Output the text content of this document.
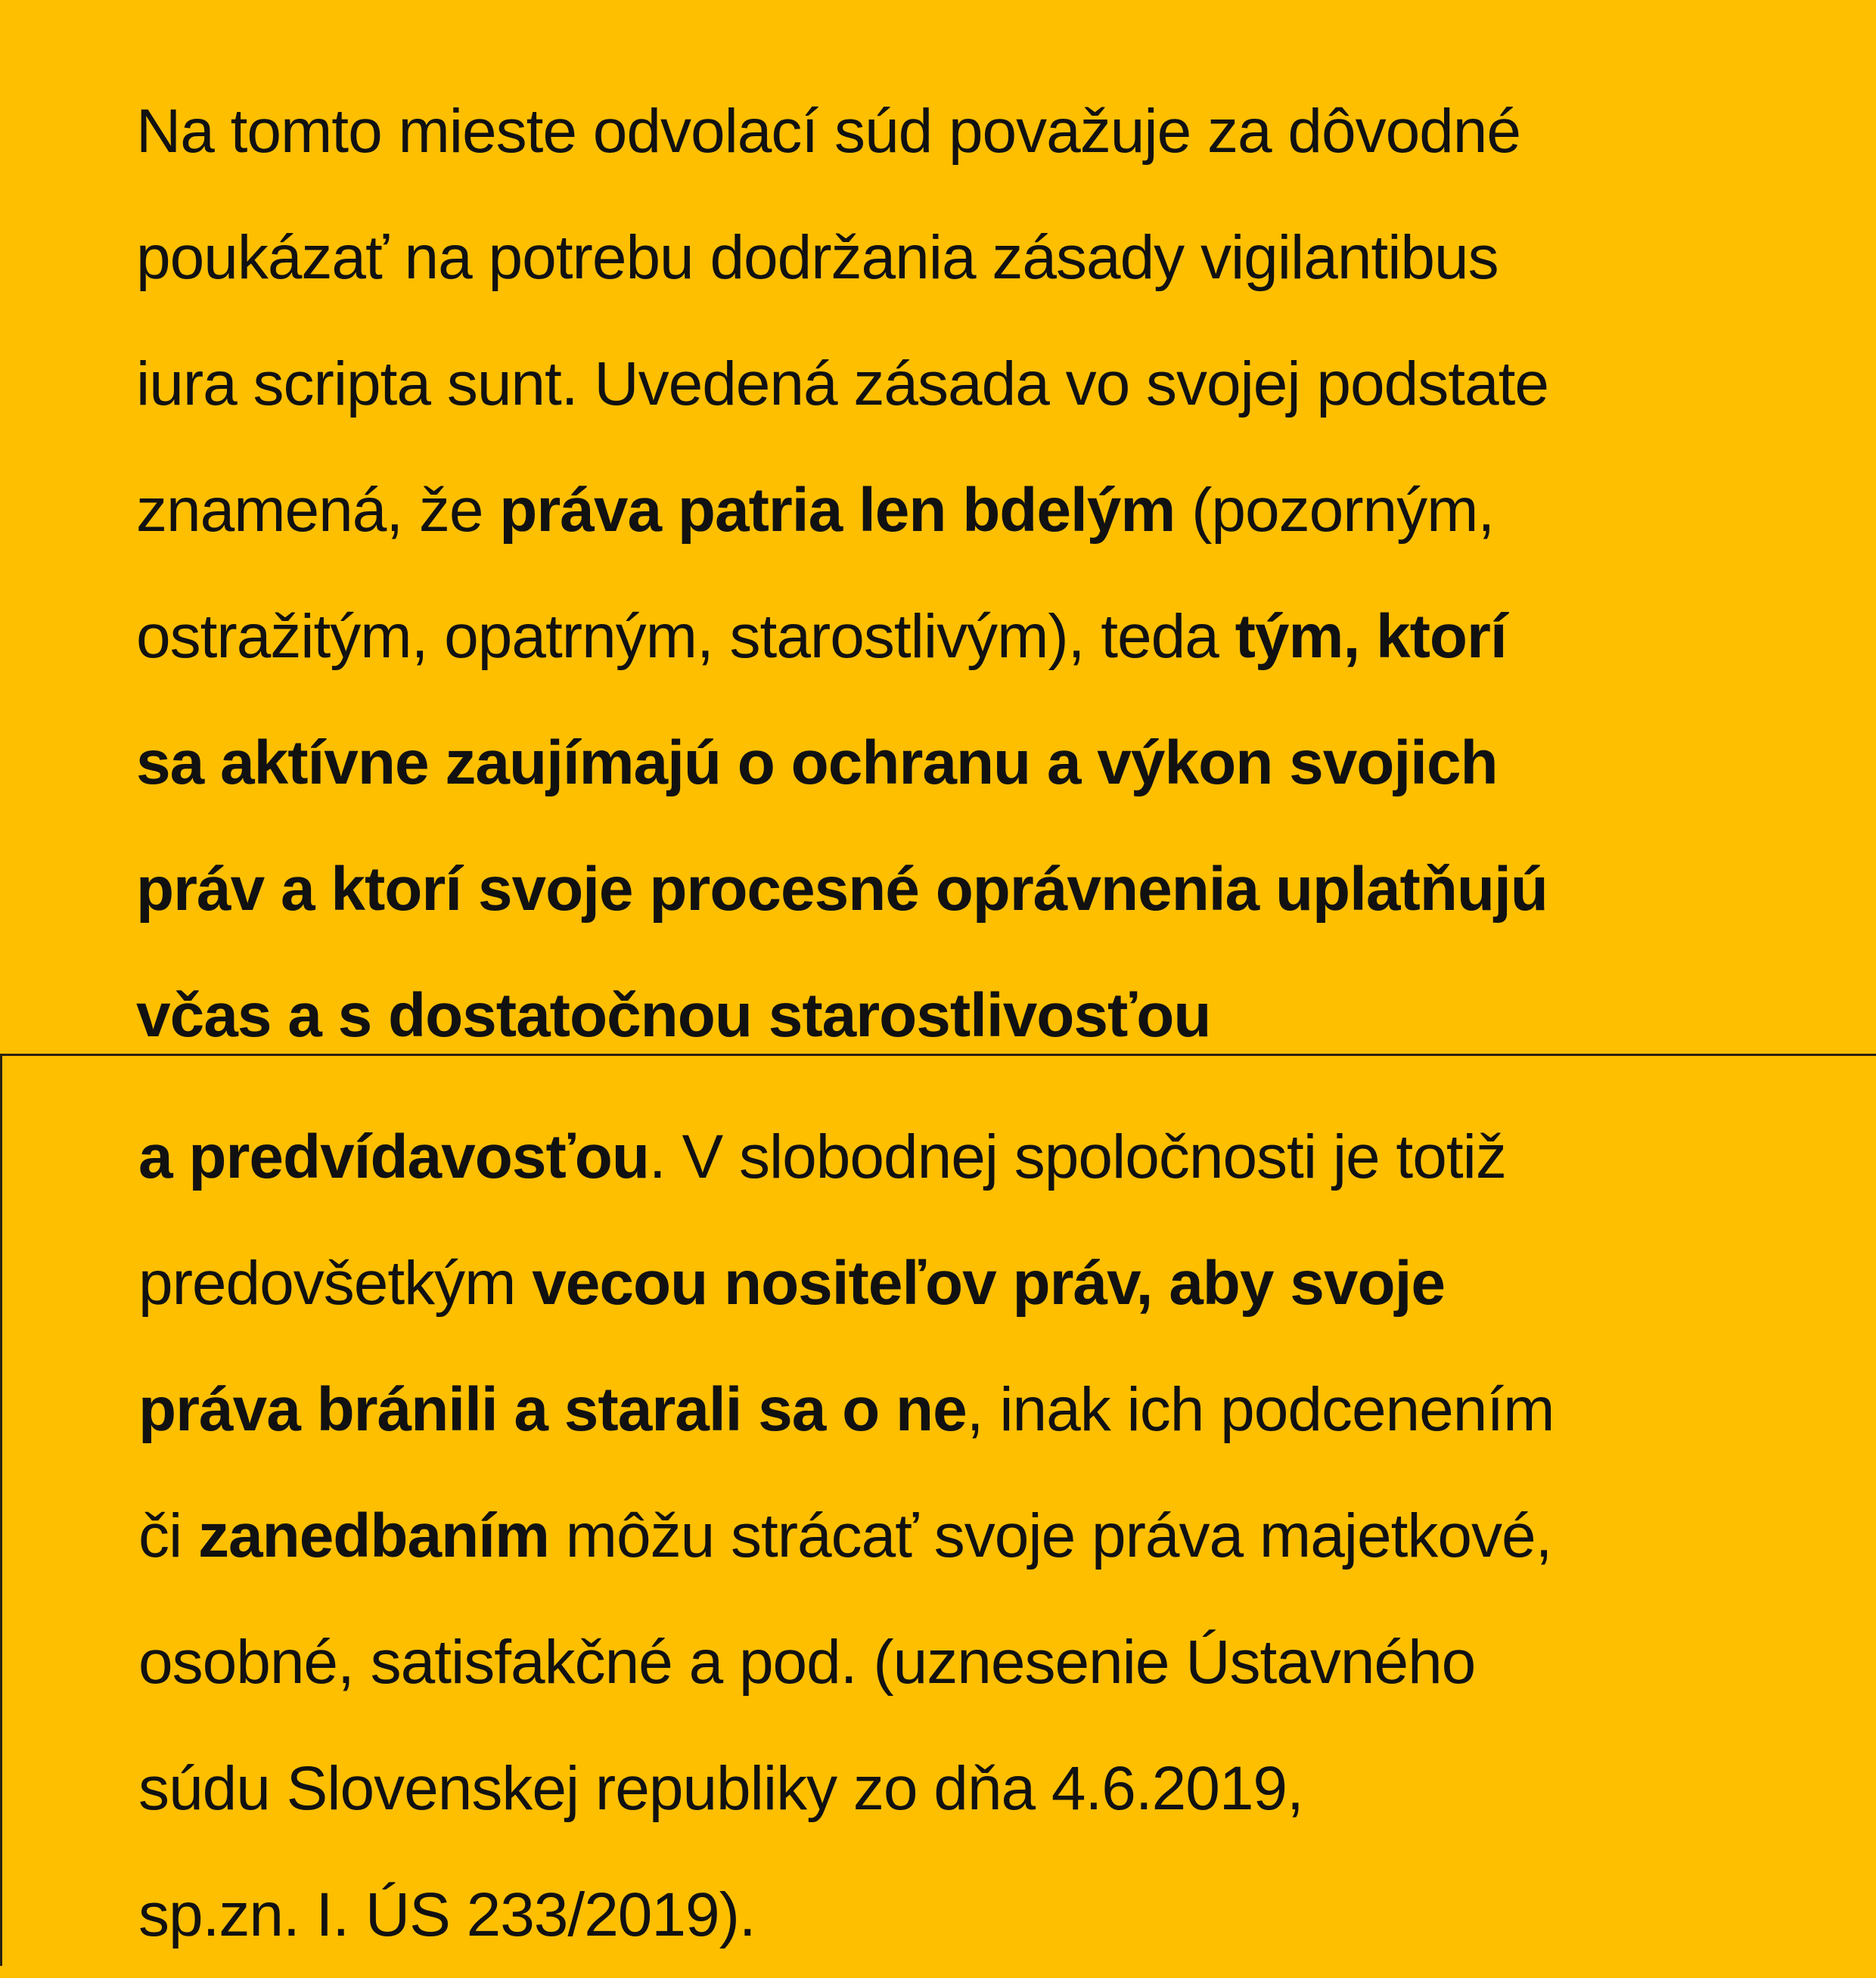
Na tomto mieste odvolací súd považuje za dôvodné
poukázať na potrebu dodržania zásady vigilantibus
iura scripta sunt. Uvedená zásada vo svojej podstate
znamená, že práva patria len bdelým (pozorným,
ostražitým, opatrným, starostlivým), teda tým, ktorí
sa aktívne zaujímajú o ochranu a výkon svojich
práv a ktorí svoje procesné oprávnenia uplatňujú
včas a s dostatočnou starostlivosťou
a predvídavosťou. V slobodnej spoločnosti je totiž
predovšetkým vecou nositeľov práv, aby svoje
práva bránili a starali sa o ne, inak ich podcenením
či zanedbaním môžu strácať svoje práva majetkové,
osobné, satisfakčné a pod. (uznesenie Ústavného
súdu Slovenskej republiky zo dňa 4.6.2019,
sp.zn. I. ÚS 233/2019).
